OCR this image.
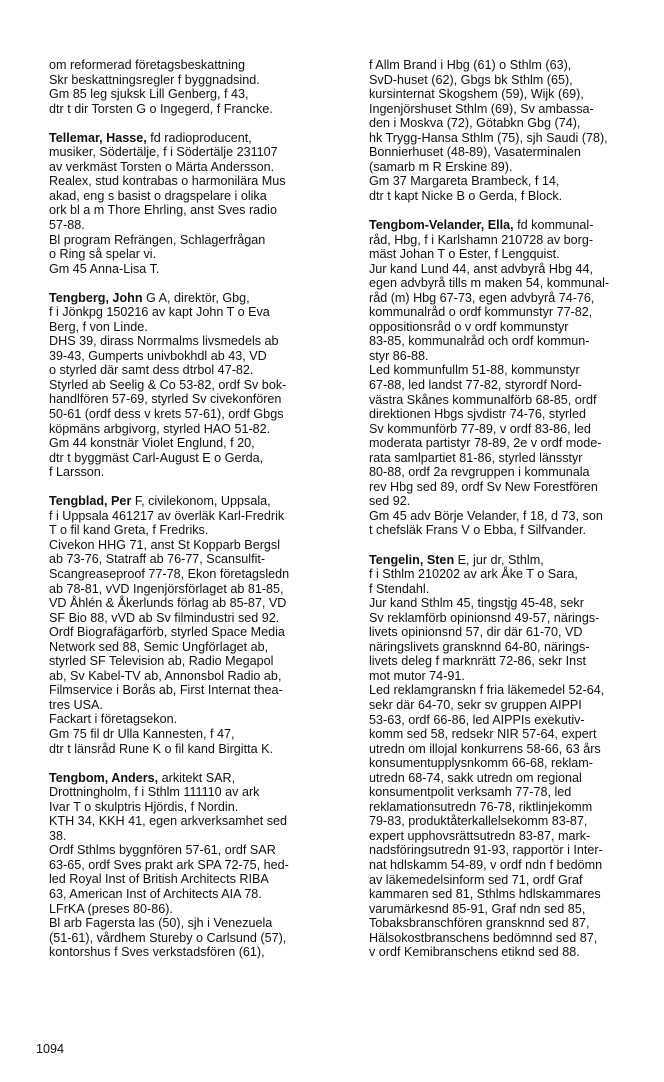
om reformerad företagsbeskattning
Skr beskattningsregler f byggnadsind.
Gm 85 leg sjuksk Lill Genberg, f 43,
dtr t dir Torsten G o Ingegerd, f Francke.
Tellemar, Hasse, fd radioproducent,
musiker, Södertälje, f i Södertälje 231107
av verkmäst Torsten o Märta Andersson.
Realex, stud kontrabas o harmonilära Mus
akad, eng s basist o dragspelare i olika
ork bl a m Thore Ehrling, anst Sves radio
57-88.
Bl program Refrängen, Schlagerfrågan
o Ring så spelar vi.
Gm 45 Anna-Lisa T.
Tengberg, John G A, direktör, Gbg,
f i Jönkpg 150216 av kapt John T o Eva
Berg, f von Linde.
DHS 39, dirass Norrmalms livsmedels ab
39-43, Gumperts univbokhdl ab 43, VD
o styrled där samt dess dtrbol 47-82.
Styrled ab Seelig & Co 53-82, ordf Sv bok-
handlfören 57-69, styrled Sv civekonfören
50-61 (ordf dess v krets 57-61), ordf Gbgs
köpmäns arbgivorg, styrled HAO 51-82.
Gm 44 konstnär Violet Englund, f 20,
dtr t byggmäst Carl-August E o Gerda,
f Larsson.
Tengblad, Per F, civilekonom, Uppsala,
f i Uppsala 461217 av överläk Karl-Fredrik
T o fil kand Greta, f Fredriks.
Civekon HHG 71, anst St Kopparb Bergsl
ab 73-76, Statraff ab 76-77, Scansulfit-
Scangreaseproof 77-78, Ekon företagsledn
ab 78-81, vVD Ingenjörsförlaget ab 81-85,
VD Åhlén & Åkerlunds förlag ab 85-87, VD
SF Bio 88, vVD ab Sv filmindustri sed 92.
Ordf Biografägarförb, styrled Space Media
Network sed 88, Semic Ungförlaget ab,
styrled SF Television ab, Radio Megapol
ab, Sv Kabel-TV ab, Annonsbol Radio ab,
Filmservice i Borås ab, First Internat thea-
tres USA.
Fackart i företagsekon.
Gm 75 fil dr Ulla Kannesten, f 47,
dtr t länsråd Rune K o fil kand Birgitta K.
Tengbom, Anders, arkitekt SAR,
Drottningholm, f i Sthlm 111110 av ark
Ivar T o skulptris Hjördis, f Nordin.
KTH 34, KKH 41, egen arkverksamhet sed
38.
Ordf Sthlms byggnfören 57-61, ordf SAR
63-65, ordf Sves prakt ark SPA 72-75, hed-
led Royal Inst of British Architects RIBA
63, American Inst of Architects AIA 78.
LFrKA (preses 80-86).
Bl arb Fagersta las (50), sjh i Venezuela
(51-61), vårdhem Stureby o Carlsund (57),
kontorshus f Sves verkstadsfören (61),
f Allm Brand i Hbg (61) o Sthlm (63),
SvD-huset (62), Gbgs bk Sthlm (65),
kursinternat Skogshem (59), Wijk (69),
Ingenjörshuset Sthlm (69), Sv ambassa-
den i Moskva (72), Götabkn Gbg (74),
hk Trygg-Hansa Sthlm (75), sjh Saudi (78),
Bonnierhuset (48-89), Vasaterminalen
(samarb m R Erskine 89).
Gm 37 Margareta Brambeck, f 14,
dtr t kapt Nicke B o Gerda, f Block.
Tengbom-Velander, Ella, fd kommunal-
råd, Hbg, f i Karlshamn 210728 av borg-
mäst Johan T o Ester, f Lengquist.
Jur kand Lund 44, anst advbyrå Hbg 44,
egen advbyrå tills m maken 54, kommunal-
råd (m) Hbg 67-73, egen advbyrå 74-76,
kommunalråd o ordf kommunstyr 77-82,
oppositionsråd o v ordf kommunstyr
83-85, kommunalråd och ordf kommun-
styr 86-88.
Led kommunfullm 51-88, kommunstyr
67-88, led landst 77-82, styrordf Nord-
västra Skånes kommunalförb 68-85, ordf
direktionen Hbgs sjvdistr 74-76, styrled
Sv kommunförb 77-89, v ordf 83-86, led
moderata partistyr 78-89, 2e v ordf mode-
rata samlpartiet 81-86, styrled länsstyr
80-88, ordf 2a revgruppen i kommunala
rev Hbg sed 89, ordf Sv New Forestfören
sed 92.
Gm 45 adv Börje Velander, f 18, d 73, son
t chefsläk Frans V o Ebba, f Silfvander.
Tengelin, Sten E, jur dr, Sthlm,
f i Sthlm 210202 av ark Åke T o Sara,
f Stendahl.
Jur kand Sthlm 45, tingstjg 45-48, sekr
Sv reklamförb opinionsnd 49-57, närings-
livets opinionsnd 57, dir där 61-70, VD
näringslivets gransknnd 64-80, närings-
livets deleg f marknrätt 72-86, sekr Inst
mot mutor 74-91.
Led reklamgranskn f fria läkemedel 52-64,
sekr där 64-70, sekr sv gruppen AIPPI
53-63, ordf 66-86, led AIPPIs exekutiv-
komm sed 58, redsekr NIR 57-64, expert
utredn om illojal konkurrens 58-66, 63 års
konsumentupplysnkomm 66-68, reklam-
utredn 68-74, sakk utredn om regional
konsumentpolit verksamh 77-78, led
reklamationsutredn 76-78, riktlinjekomm
79-83, produktåterkallelsekomm 83-87,
expert upphovsrättsutredn 83-87, mark-
nadsföringsutredn 91-93, rapportör i Inter-
nat hdlskamm 54-89, v ordf ndn f bedömn
av läkemedelsinform sed 71, ordf Graf
kammaren sed 81, Sthlms hdlskammares
varumärkesnd 85-91, Graf ndn sed 85,
Tobaksbranschfören gransknnd sed 87,
Hälsokostbranschens bedömnnd sed 87,
v ordf Kemibranschens etiknd sed 88.
1094
